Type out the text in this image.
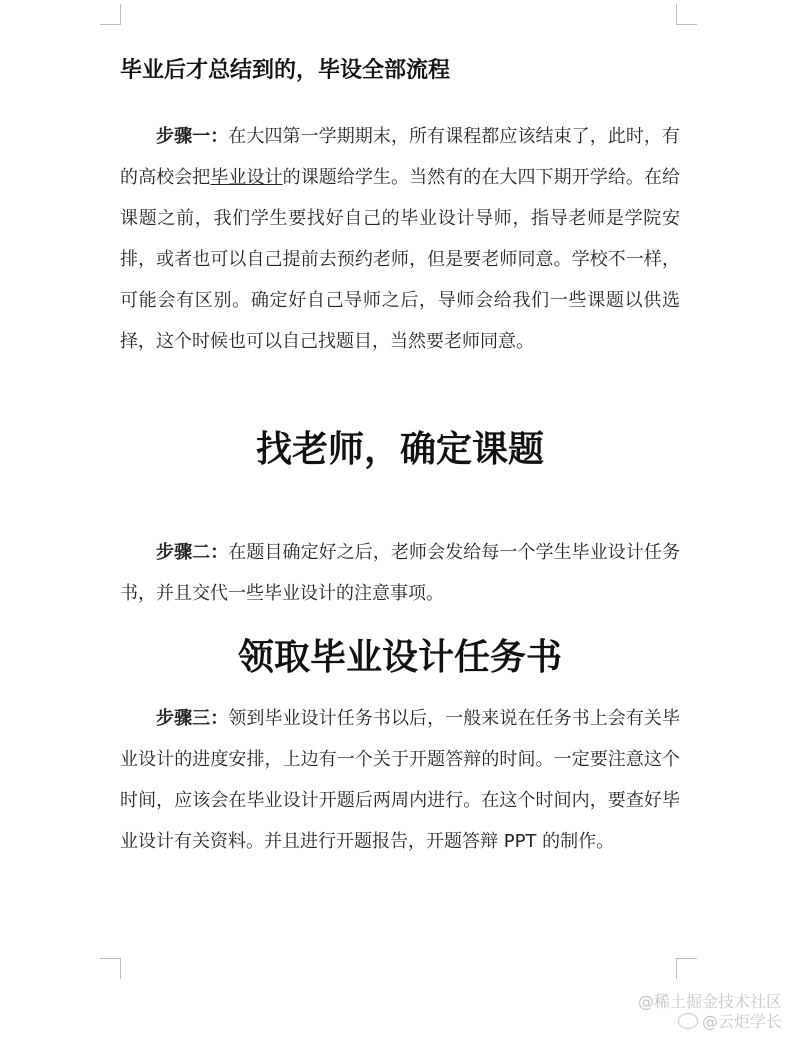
毕业后才总结到的，毕设全部流程

步骤一：在大四第一学期期末，所有课程都应该结束了，此时，有的高校会把毕业设计的课题给学生。当然有的在大四下期开学给。在给课题之前，我们学生要找好自己的毕业设计导师，指导老师是学院安排，或者也可以自己提前去预约老师，但是要老师同意。学校不一样，可能会有区别。确定好自己导师之后，导师会给我们一些课题以供选择，这个时候也可以自己找题目，当然要老师同意。

找老师，确定课题

步骤二：在题目确定好之后，老师会发给每一个学生毕业设计任务书，并且交代一些毕业设计的注意事项。

领取毕业设计任务书

步骤三：领到毕业设计任务书以后，一般来说在任务书上会有关毕业设计的进度安排，上边有一个关于开题答辩的时间。一定要注意这个时间，应该会在毕业设计开题后两周内进行。在这个时间内，要查好毕业设计有关资料。并且进行开题报告，开题答辩 PPT 的制作。

@稀土掘金技术社区
@云炬学长
